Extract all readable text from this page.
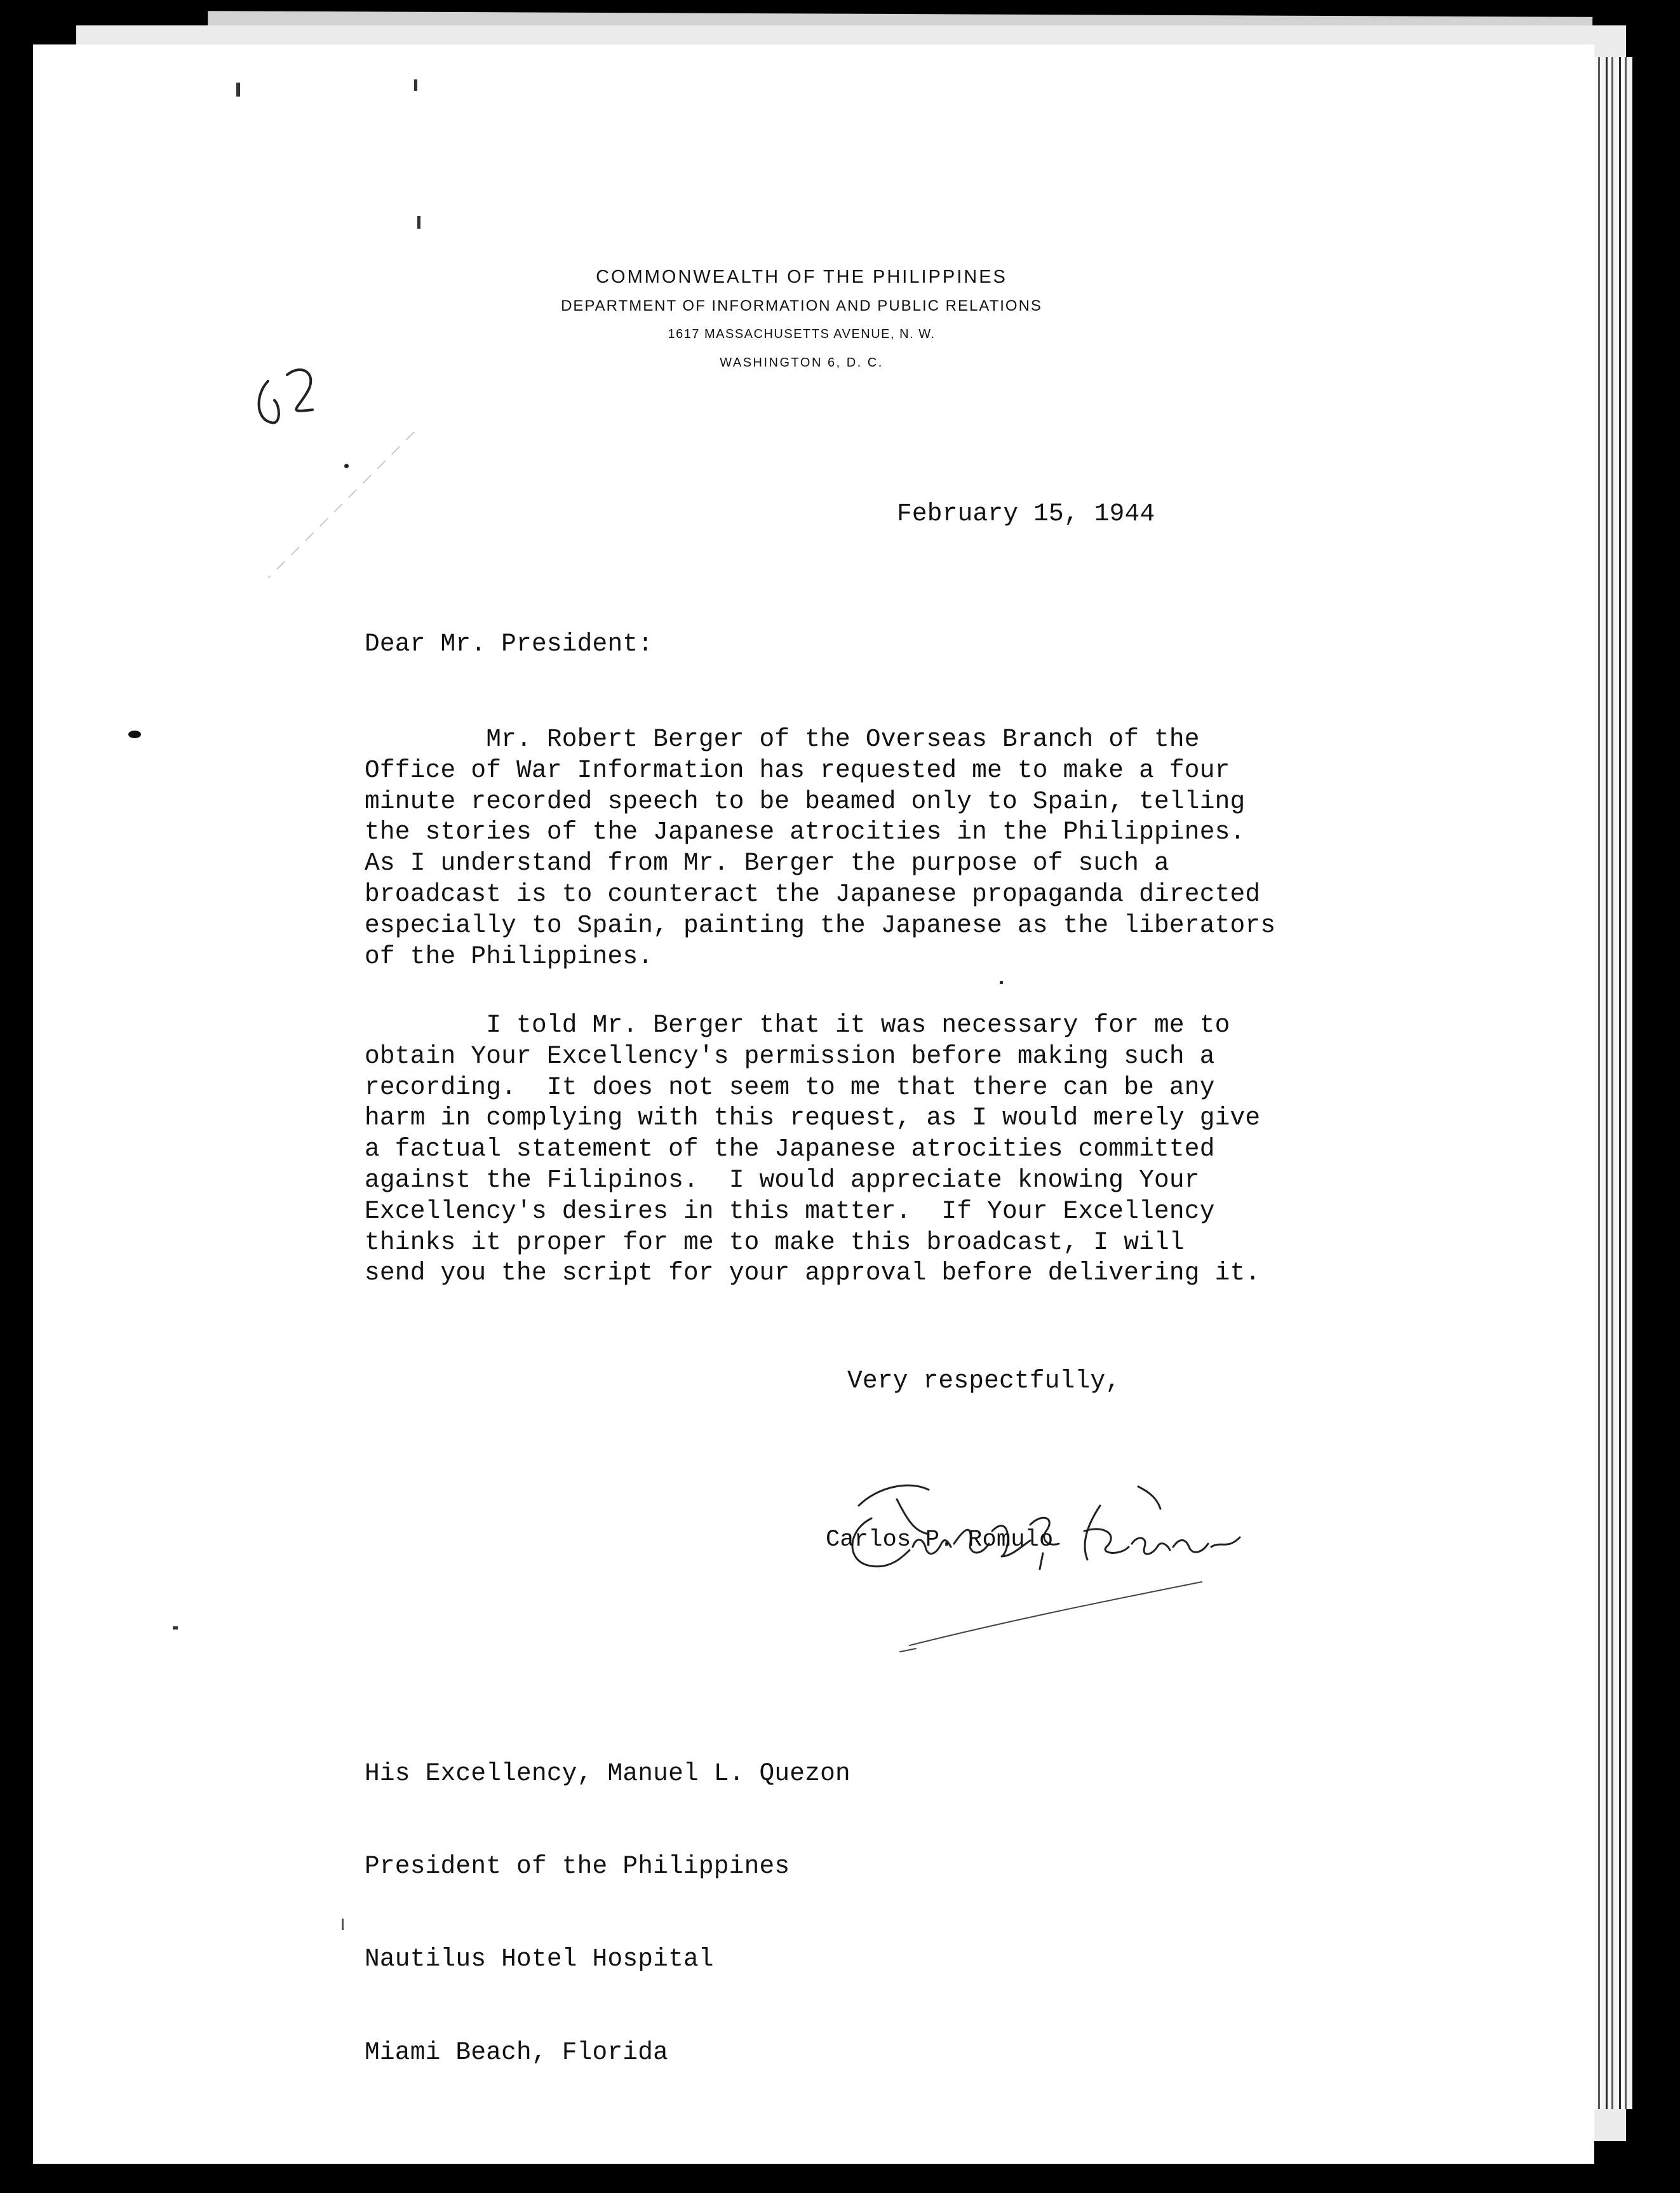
COMMONWEALTH OF THE PHILIPPINES

DEPARTMENT OF INFORMATION AND PUBLIC RELATIONS

1617 MASSACHUSETTS AVENUE, N. W.

WASHINGTON 6, D. C.

February 15, 1944

Dear Mr. President:

Mr. Robert Berger of the Overseas Branch of the
Office of War Information has requested me to make a four
minute recorded speech to be beamed only to Spain, telling
the stories of the Japanese atrocities in the Philippines.
As I understand from Mr. Berger the purpose of such a
broadcast is to counteract the Japanese propaganda directed
especially to Spain, painting the Japanese as the liberators
of the Philippines.

I told Mr. Berger that it was necessary for me to
obtain Your Excellency's permission before making such a
recording.  It does not seem to me that there can be any
harm in complying with this request, as I would merely give
a factual statement of the Japanese atrocities committed
against the Filipinos.  I would appreciate knowing Your
Excellency's desires in this matter.  If Your Excellency
thinks it proper for me to make this broadcast, I will
send you the script for your approval before delivering it.

Very respectfully,

Carlos P. Romulo

His Excellency, Manuel L. Quezon

President of the Philippines

Nautilus Hotel Hospital

Miami Beach, Florida
